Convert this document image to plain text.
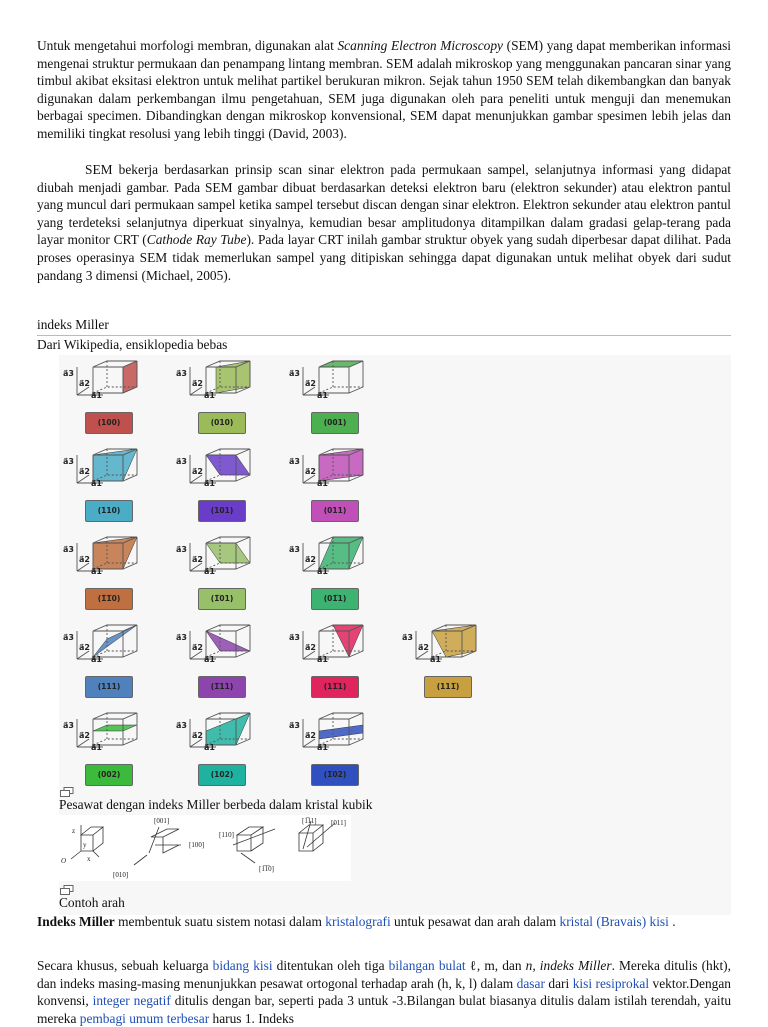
Untuk mengetahui morfologi membran, digunakan alat Scanning Electron Microscopy (SEM) yang dapat memberikan informasi mengenai struktur permukaan dan penampang lintang membran. SEM adalah mikroskop yang menggunakan pancaran sinar yang timbul akibat eksitasi elektron untuk melihat partikel berukuran mikron. Sejak tahun 1950 SEM telah dikembangkan dan banyak digunakan dalam perkembangan ilmu pengetahuan, SEM juga digunakan oleh para peneliti untuk menguji dan menemukan berbagai specimen. Dibandingkan dengan mikroskop konvensional, SEM dapat menunjukkan gambar spesimen lebih jelas dan memiliki tingkat resolusi yang lebih tinggi (David, 2003).

SEM bekerja berdasarkan prinsip scan sinar elektron pada permukaan sampel, selanjutnya informasi yang didapat diubah menjadi gambar. Pada SEM gambar dibuat berdasarkan deteksi elektron baru (elektron sekunder) atau elektron pantul yang muncul dari permukaan sampel ketika sampel tersebut discan dengan sinar elektron. Elektron sekunder atau elektron pantul yang terdeteksi selanjutnya diperkuat sinyalnya, kemudian besar amplitudonya ditampilkan dalam gradasi gelap-terang pada layar monitor CRT (Cathode Ray Tube). Pada layar CRT inilah gambar struktur obyek yang sudah diperbesar dapat dilihat. Pada proses operasinya SEM tidak memerlukan sampel yang ditipiskan sehingga dapat digunakan untuk melihat obyek dari sudut pandang 3 dimensi (Michael, 2005).

indeks Miller
Dari Wikipedia, ensiklopedia bebas
a⃗3
a⃗2
a⃗1
(100)
a⃗3
a⃗2
a⃗1
(010)
a⃗3
a⃗2
a⃗1
(001)
a⃗3
a⃗2
a⃗1
(110)
a⃗3
a⃗2
a⃗1
(101)
a⃗3
a⃗2
a⃗1
(011)
a⃗3
a⃗2
a⃗1
(1̅1̅0)
a⃗3
a⃗2
a⃗1
(1̅01)
a⃗3
a⃗2
a⃗1
(01̅1)
a⃗3
a⃗2
a⃗1
(111)
a⃗3
a⃗2
a⃗1
(1̅11)
a⃗3
a⃗2
a⃗1
(11̅1)
a⃗3
a⃗2
a⃗1
(111̅)
a⃗3
a⃗2
a⃗1
(002)
a⃗3
a⃗2
a⃗1
(102)
a⃗3
a⃗2
a⃗1
(1̅02)
Pesawat dengan indeks Miller berbeda dalam kristal kubik
z
O	x
y
[001]
[100]
[010]
[110]
[1̅1̅0]
[1̅11] [011]
Contoh arah

Indeks Miller membentuk suatu sistem notasi dalam kristalografi untuk pesawat dan arah dalam kristal (Bravais) kisi .

Secara khusus, sebuah keluarga bidang kisi ditentukan oleh tiga bilangan bulat ℓ, m, dan n, indeks Miller. Mereka ditulis (hkt), dan indeks masing-masing menunjukkan pesawat ortogonal terhadap arah (h, k, l) dalam dasar dari kisi resiprokal vektor.Dengan konvensi, integer negatif ditulis dengan bar, seperti pada 3 untuk -3.Bilangan bulat biasanya ditulis dalam istilah terendah, yaitu mereka pembagi umum terbesar harus 1. Indeks
